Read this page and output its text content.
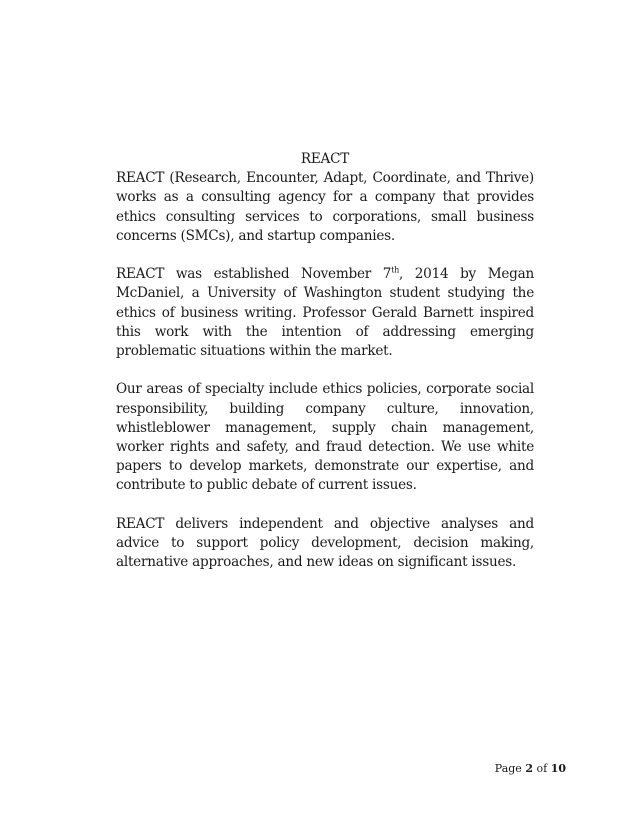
REACT

REACT (Research, Encounter, Adapt, Coordinate, and Thrive) works as a consulting agency for a company that provides ethics consulting services to corporations, small business concerns (SMCs), and startup companies.

REACT was established November 7th, 2014 by Megan McDaniel, a University of Washington student studying the ethics of business writing. Professor Gerald Barnett inspired this work with the intention of addressing emerging problematic situations within the market.

Our areas of specialty include ethics policies, corporate social responsibility, building company culture, innovation, whistleblower management, supply chain management, worker rights and safety, and fraud detection. We use white papers to develop markets, demonstrate our expertise, and contribute to public debate of current issues.

REACT delivers independent and objective analyses and advice to support policy development, decision making, alternative approaches, and new ideas on significant issues.

Page 2 of 10
